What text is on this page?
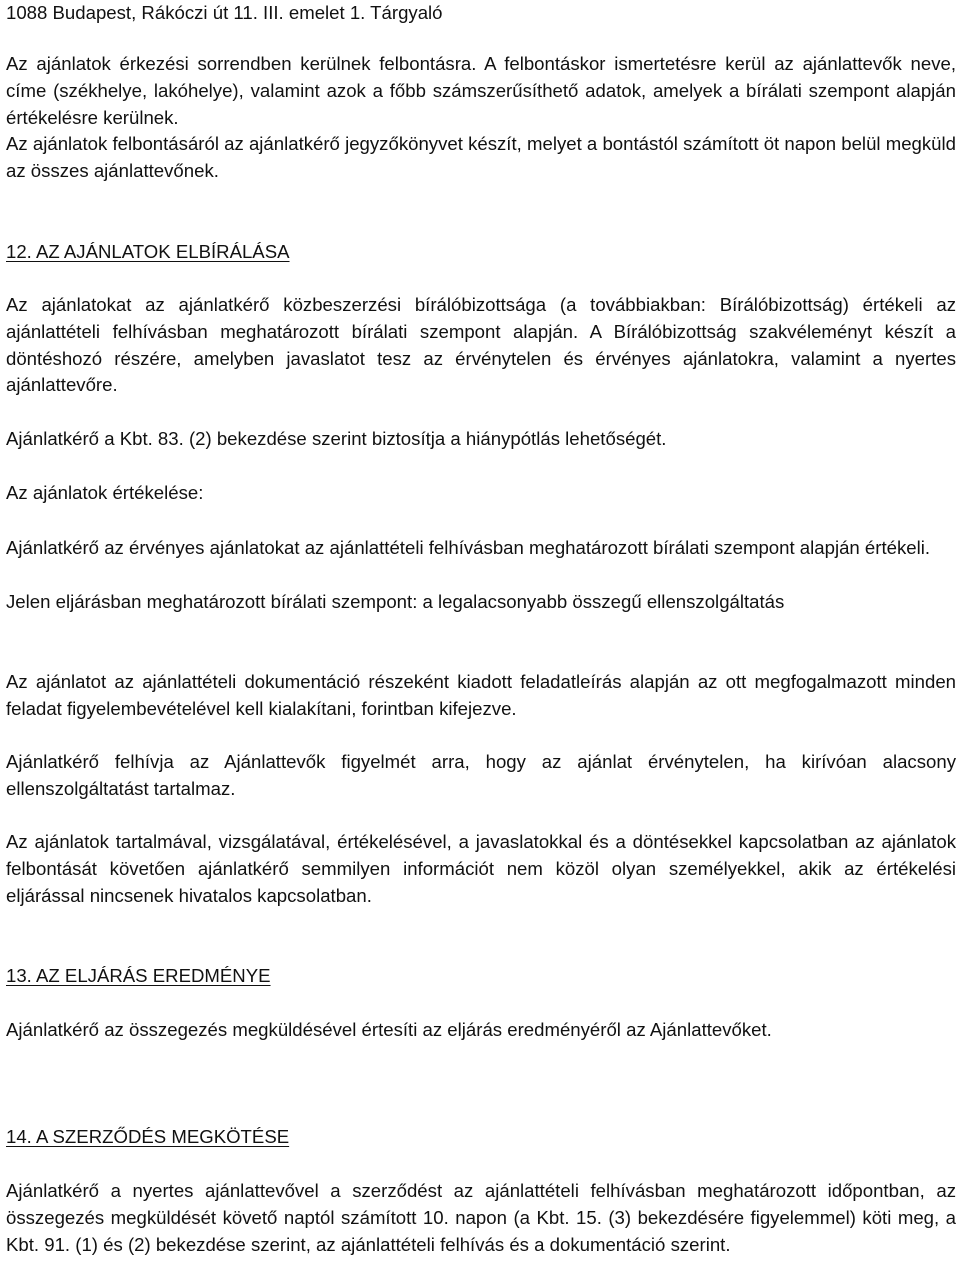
1088 Budapest, Rákóczi út 11. III. emelet 1. Tárgyaló

Az ajánlatok érkezési sorrendben kerülnek felbontásra. A felbontáskor ismertetésre kerül az ajánlattevők neve, címe (székhelye, lakóhelye), valamint azok a főbb számszerűsíthető adatok, amelyek a bírálati szempont alapján értékelésre kerülnek.

Az ajánlatok felbontásáról az ajánlatkérő jegyzőkönyvet készít, melyet a bontástól számított öt napon belül megküld az összes ajánlattevőnek.

12. AZ AJÁNLATOK ELBÍRÁLÁSA

Az ajánlatokat az ajánlatkérő közbeszerzési bírálóbizottsága (a továbbiakban: Bírálóbizottság) értékeli az ajánlattételi felhívásban meghatározott bírálati szempont alapján. A Bírálóbizottság szakvéleményt készít a döntéshozó részére, amelyben javaslatot tesz az érvénytelen és érvényes ajánlatokra, valamint a nyertes ajánlattevőre.

Ajánlatkérő a Kbt. 83. (2) bekezdése szerint biztosítja a hiánypótlás lehetőségét.

Az ajánlatok értékelése:

Ajánlatkérő az érvényes ajánlatokat az ajánlattételi felhívásban meghatározott bírálati szempont alapján értékeli.

Jelen eljárásban meghatározott bírálati szempont: a legalacsonyabb összegű ellenszolgáltatás

Az ajánlatot az ajánlattételi dokumentáció részeként kiadott feladatleírás alapján az ott megfogalmazott minden feladat figyelembevételével kell kialakítani, forintban kifejezve.

Ajánlatkérő felhívja az Ajánlattevők figyelmét arra, hogy az ajánlat érvénytelen, ha kirívóan alacsony ellenszolgáltatást tartalmaz.

Az ajánlatok tartalmával, vizsgálatával, értékelésével, a javaslatokkal és a döntésekkel kapcsolatban az ajánlatok felbontását követően ajánlatkérő semmilyen információt nem közöl olyan személyekkel, akik az értékelési eljárással nincsenek hivatalos kapcsolatban.

13. AZ ELJÁRÁS EREDMÉNYE

Ajánlatkérő az összegezés megküldésével értesíti az eljárás eredményéről az Ajánlattevőket.

14. A SZERZŐDÉS MEGKÖTÉSE

Ajánlatkérő a nyertes ajánlattevővel a szerződést az ajánlattételi felhívásban meghatározott időpontban, az összegezés megküldését követő naptól számított 10. napon (a Kbt. 15. (3) bekezdésére figyelemmel) köti meg, a Kbt. 91. (1) és (2) bekezdése szerint, az ajánlattételi felhívás és a dokumentáció szerint.
